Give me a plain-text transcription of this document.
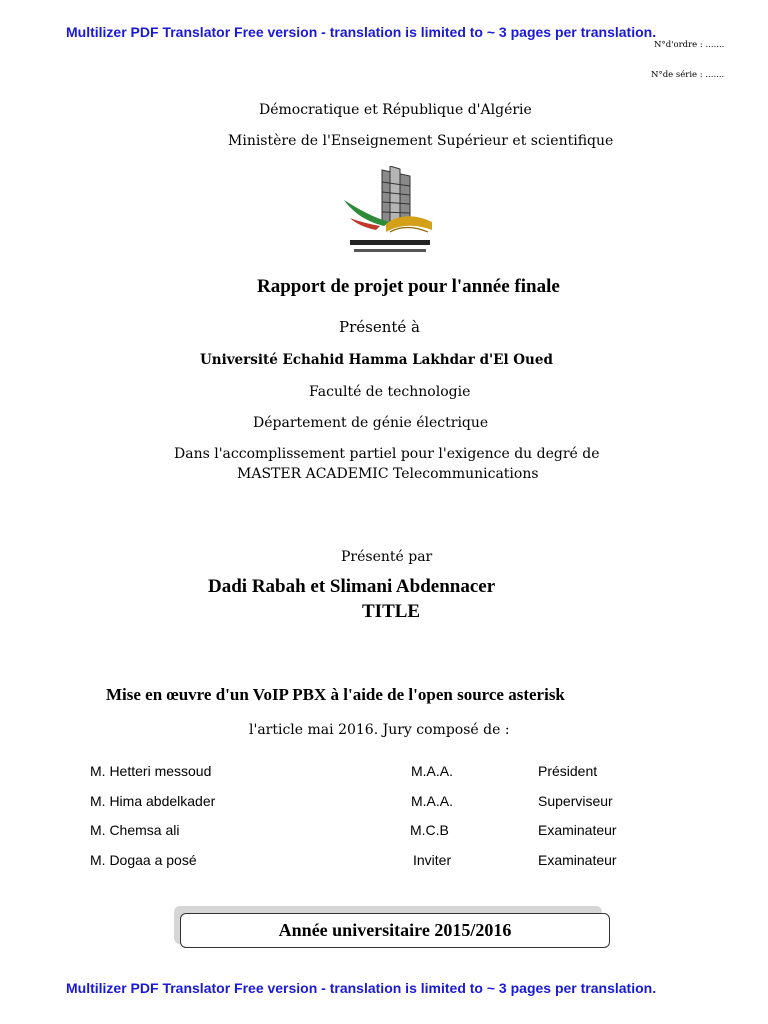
Multilizer PDF Translator Free version - translation is limited to ~ 3 pages per translation.
N°d'ordre : .......
N°de série : .......
Démocratique et République d'Algérie
Ministère de l'Enseignement Supérieur et scientifique
Rapport de projet pour l'année finale
Présenté à
Université Echahid Hamma Lakhdar d'El Oued
Faculté de technologie
Département de génie électrique
Dans l'accomplissement partiel pour l'exigence du degré de
MASTER ACADEMIC Telecommunications
Présenté par
Dadi Rabah et Slimani Abdennacer
TITLE
Mise en œuvre d'un VoIP PBX à l'aide de l'open source asterisk
l'article mai 2016. Jury composé de :
M. Hetteri messoud	M.A.A.	Président
M. Hima abdelkader	M.A.A.	Superviseur
M. Chemsa ali	M.C.B	Examinateur
M. Dogaa a posé	Inviter	Examinateur
Année universitaire 2015/2016
Multilizer PDF Translator Free version - translation is limited to ~ 3 pages per translation.
